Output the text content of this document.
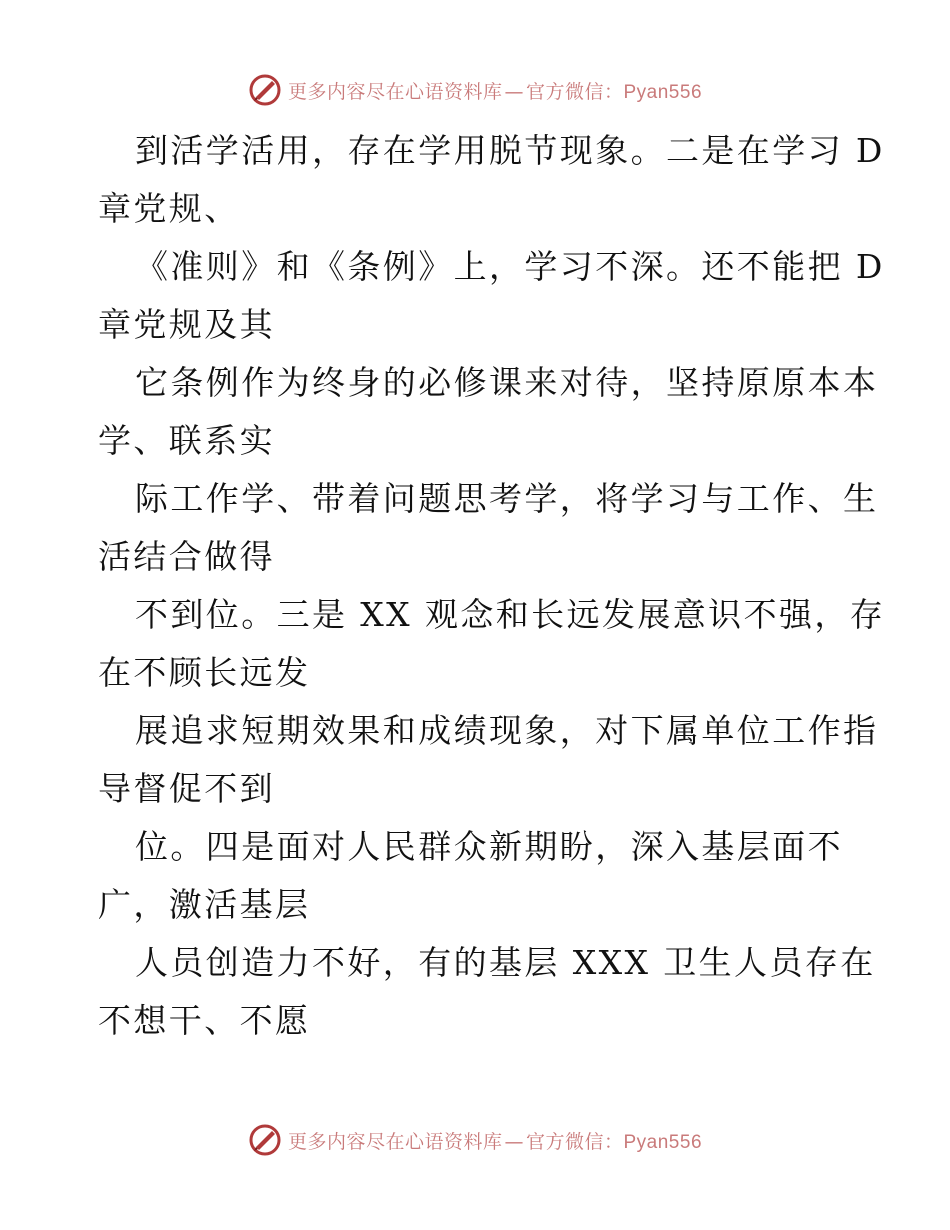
更多内容尽在心语资料库 — 官方微信：Pyan556
到活学活用，存在学用脱节现象。二是在学习 D
章党规、
《准则》和《条例》上，学习不深。还不能把 D
章党规及其
它条例作为终身的必修课来对待，坚持原原本本
学、联系实
际工作学、带着问题思考学，将学习与工作、生
活结合做得
不到位。三是 XX 观念和长远发展意识不强，存
在不顾长远发
展追求短期效果和成绩现象，对下属单位工作指
导督促不到
位。四是面对人民群众新期盼，深入基层面不
广，激活基层
人员创造力不好，有的基层 XXX 卫生人员存在
不想干、不愿
更多内容尽在心语资料库 — 官方微信：Pyan556
